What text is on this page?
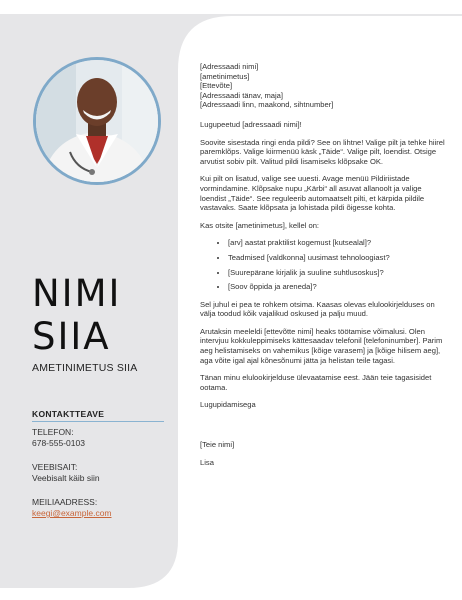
NIMI
SIIA
AMETINIMETUS SIIA
KONTAKTTEAVE
TELEFON:
678-555-0103
VEEBISAIT:
Veebisalt käib siin
MEILIAADRESS:
keegi@example.com

[Adressaadi nimi]
[ametinimetus]
[Ettevõte]
[Adressaadi tänav, maja]
[Adressaadi linn, maakond, sihtnumber]

Lugupeetud [adressaadi nimi]!

Soovite sisestada ringi enda pildi? See on lihtne! Valige pilt ja tehke hiirel paremklõps. Valige kiirmenüü käsk „Täide“. Valige pilt, loendist. Otsige arvutist sobiv pilt. Valitud pildi lisamiseks klõpsake OK.

Kui pilt on lisatud, valige see uuesti. Avage menüü Pildiriistade vormindamine. Klõpsake nupu „Kärbi“ all asuvat allanoolt ja valige loendist „Täide“. See reguleerib automaatselt pilti, et kärpida pildile vastavaks. Saate klõpsata ja lohistada pildi õigesse kohta.

Kas otsite [ametinimetus], kellel on:

• [arv] aastat praktilist kogemust [kutsealal]?
• Teadmised [valdkonna] uusimast tehnoloogiast?
• [Suurepärane kirjalik ja suuline suhtlusoskus]?
• [Soov õppida ja areneda]?

Sel juhul ei pea te rohkem otsima. Kaasas olevas elulookirjelduses on välja toodud kõik vajalikud oskused ja palju muud.

Arutaksin meeleldi [ettevõtte nimi] heaks töötamise võimalusi. Olen intervjuu kokkuleppimiseks kättesaadav telefonil [telefoninumber]. Parim aeg helistamiseks on vahemikus [kõige varasem] ja [kõige hilisem aeg], aga võite igal ajal kõnesõnumi jätta ja helistan teile tagasi.

Tänan minu elulookirjelduse ülevaatamise eest. Jään teie tagasisidet ootama.

Lugupidamisega

[Teie nimi]

Lisa
